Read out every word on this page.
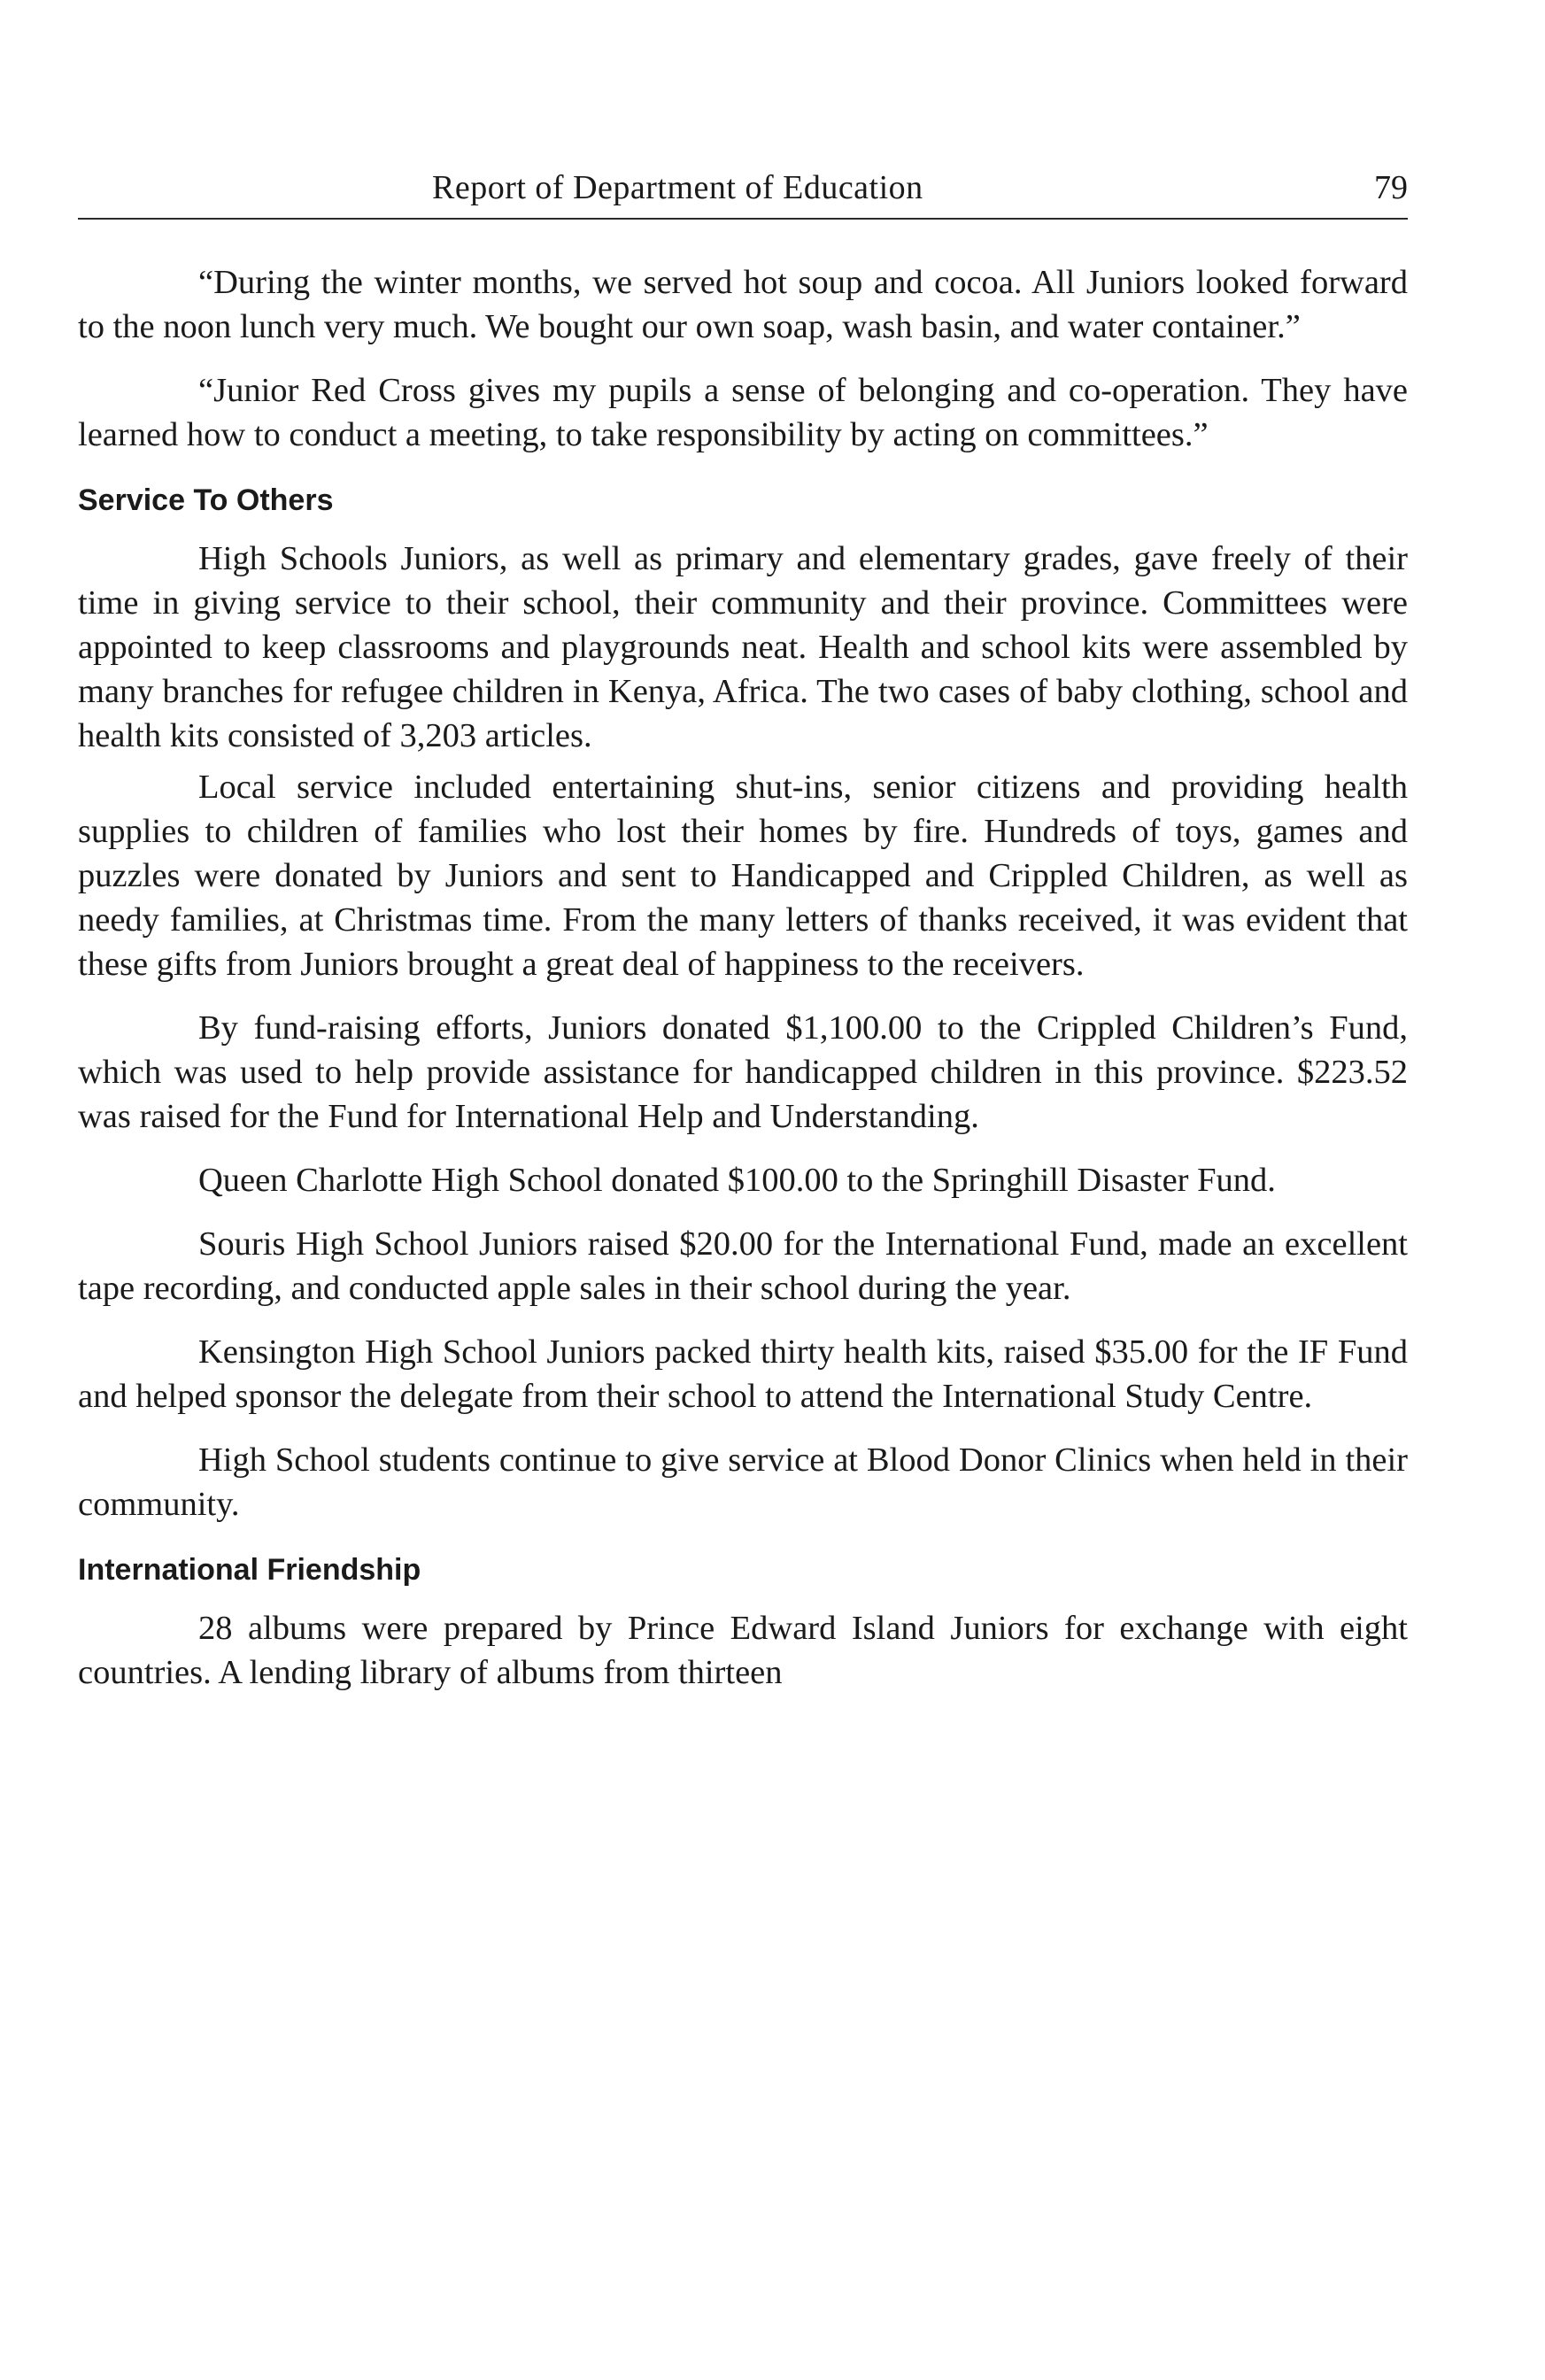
Report of Department of Education	79

“During the winter months, we served hot soup and cocoa. All Juniors looked forward to the noon lunch very much. We bought our own soap, wash basin, and water container.”

“Junior Red Cross gives my pupils a sense of belonging and co-operation. They have learned how to conduct a meeting, to take responsibility by acting on committees.”

Service To Others

High Schools Juniors, as well as primary and elementary grades, gave freely of their time in giving service to their school, their community and their province. Committees were appointed to keep classrooms and playgrounds neat. Health and school kits were assembled by many branches for refugee children in Kenya, Africa. The two cases of baby clothing, school and health kits consisted of 3,203 articles.

Local service included entertaining shut-ins, senior citizens and providing health supplies to children of families who lost their homes by fire. Hundreds of toys, games and puzzles were donated by Juniors and sent to Handicapped and Crippled Children, as well as needy families, at Christmas time. From the many letters of thanks received, it was evident that these gifts from Juniors brought a great deal of happiness to the receivers.

By fund-raising efforts, Juniors donated $1,100.00 to the Crippled Children’s Fund, which was used to help provide assistance for handicapped children in this province. $223.52 was raised for the Fund for International Help and Understanding.

Queen Charlotte High School donated $100.00 to the Springhill Disaster Fund.

Souris High School Juniors raised $20.00 for the International Fund, made an excellent tape recording, and conducted apple sales in their school during the year.

Kensington High School Juniors packed thirty health kits, raised $35.00 for the IF Fund and helped sponsor the delegate from their school to attend the International Study Centre.

High School students continue to give service at Blood Donor Clinics when held in their community.

International Friendship

28 albums were prepared by Prince Edward Island Juniors for exchange with eight countries. A lending library of albums from thirteen
